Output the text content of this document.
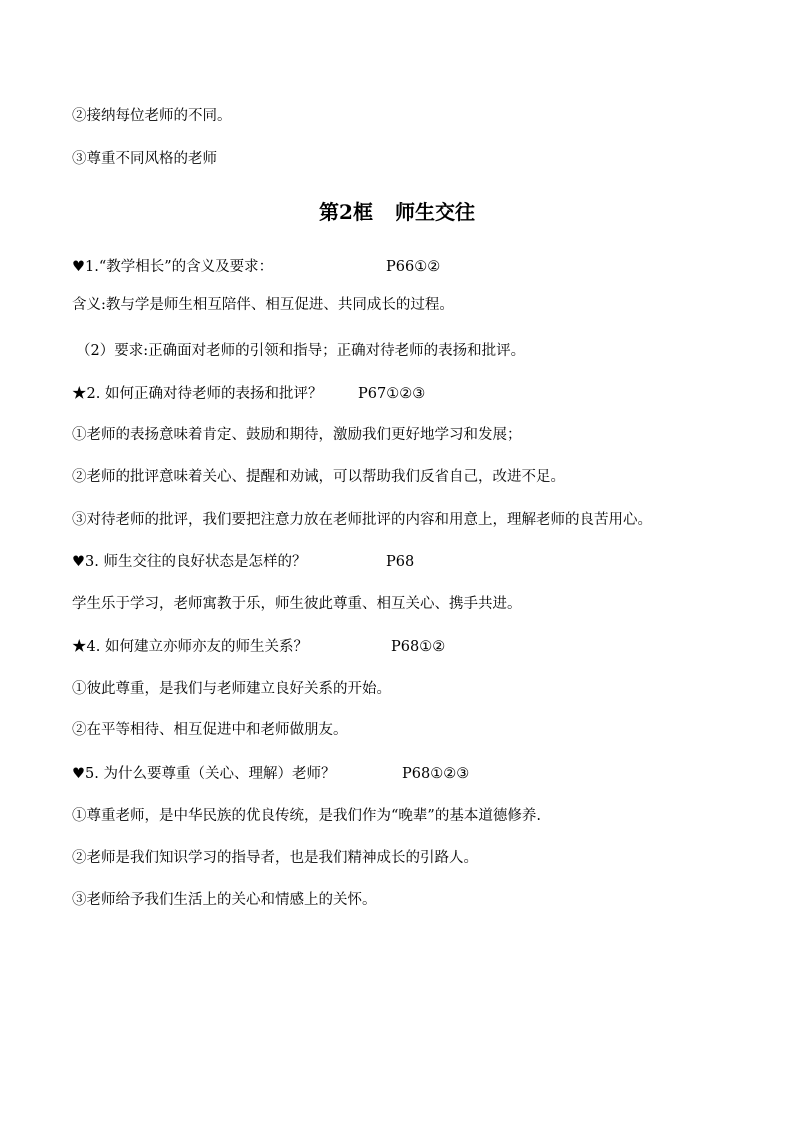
②接纳每位老师的不同。
③尊重不同风格的老师
第2框 师生交往
♥1.“教学相长”的含义及要求：	P66①②
含义:教与学是师生相互陪伴、相互促进、共同成长的过程。
（2）要求:正确面对老师的引领和指导；正确对待老师的表扬和批评。
★2. 如何正确对待老师的表扬和批评？ P67①②③
①老师的表扬意味着肯定、鼓励和期待，激励我们更好地学习和发展；
②老师的批评意味着关心、提醒和劝诫，可以帮助我们反省自己，改进不足。
③对待老师的批评，我们要把注意力放在老师批评的内容和用意上，理解老师的良苦用心。
♥3. 师生交往的良好状态是怎样的？	P68
学生乐于学习，老师寓教于乐，师生彼此尊重、相互关心、携手共进。
★4. 如何建立亦师亦友的师生关系？	P68①②
①彼此尊重，是我们与老师建立良好关系的开始。
②在平等相待、相互促进中和老师做朋友。
♥5. 为什么要尊重（关心、理解）老师？	P68①②③
①尊重老师，是中华民族的优良传统，是我们作为“晚辈”的基本道德修养.
②老师是我们知识学习的指导者，也是我们精神成长的引路人。
③老师给予我们生活上的关心和情感上的关怀。
